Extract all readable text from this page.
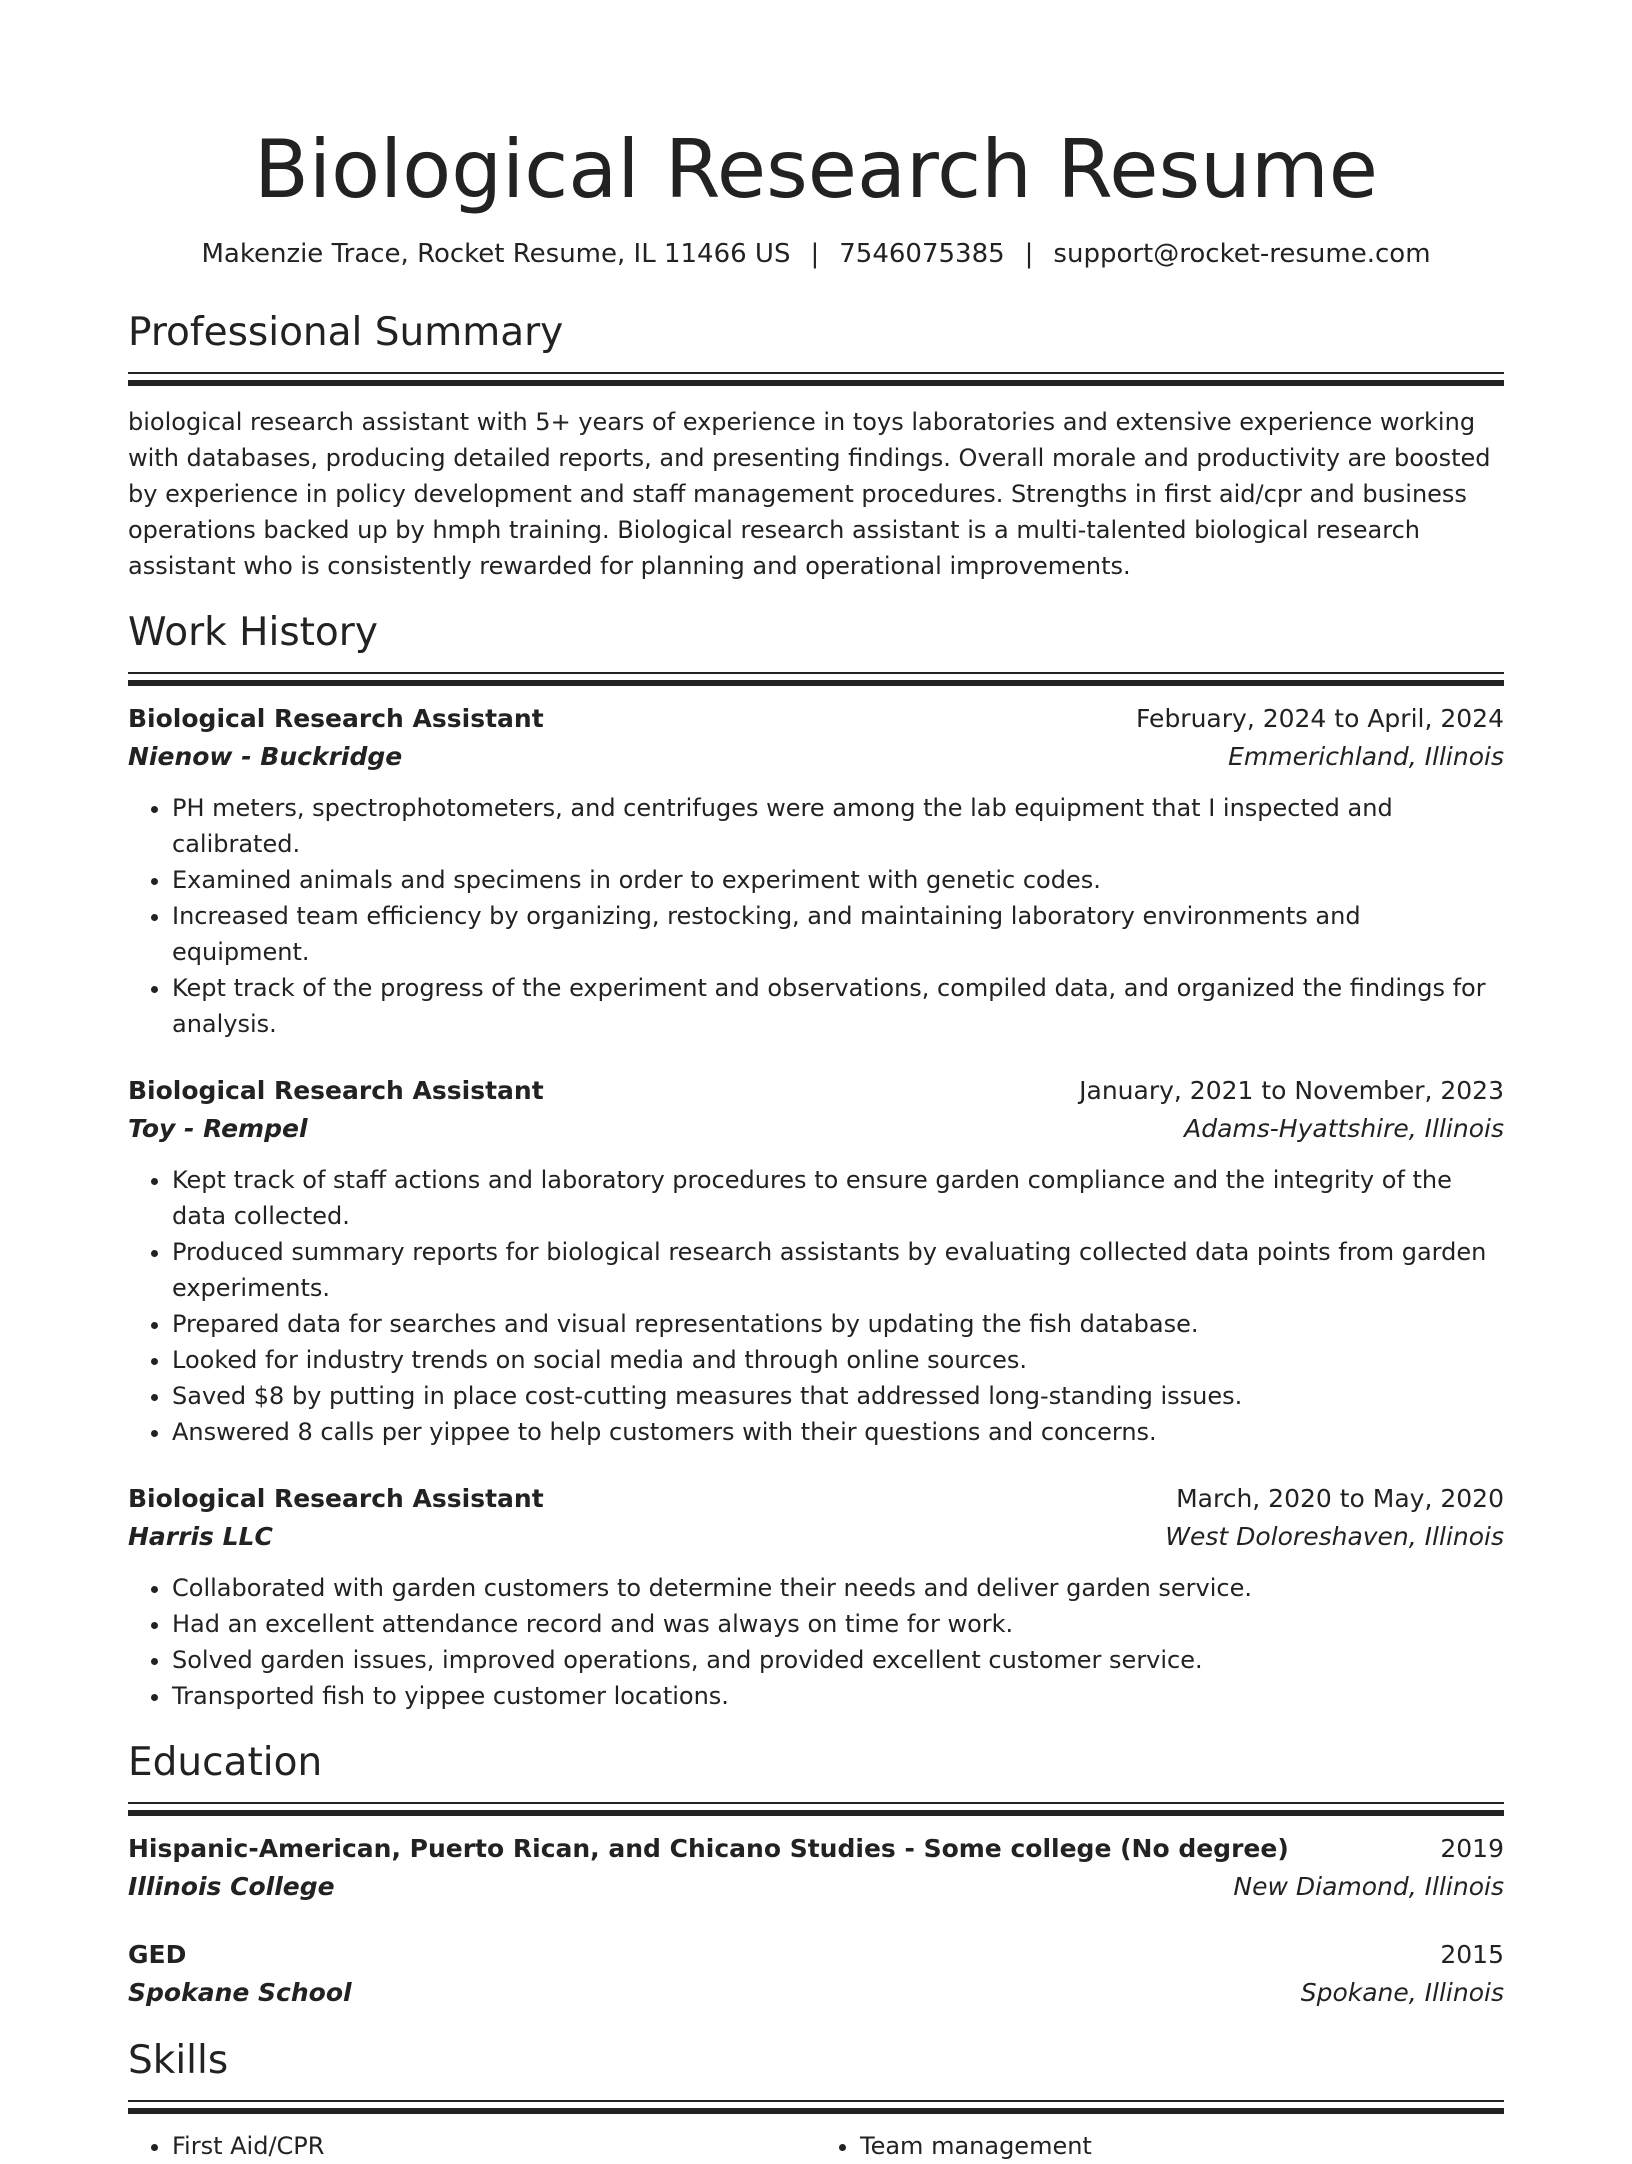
Biological Research Resume
Makenzie Trace, Rocket Resume, IL 11466 US | 7546075385 | support@rocket-resume.com
Professional Summary

biological research assistant with 5+ years of experience in toys laboratories and extensive experience working with databases, producing detailed reports, and presenting findings. Overall morale and productivity are boosted by experience in policy development and staff management procedures. Strengths in first aid/cpr and business operations backed up by hmph training. Biological research assistant is a multi-talented biological research assistant who is consistently rewarded for planning and operational improvements.

Work History
Biological Research Assistant	February, 2024 to April, 2024
Nienow - Buckridge	Emmerichland, Illinois
• PH meters, spectrophotometers, and centrifuges were among the lab equipment that I inspected and calibrated.
• Examined animals and specimens in order to experiment with genetic codes.
• Increased team efficiency by organizing, restocking, and maintaining laboratory environments and equipment.
• Kept track of the progress of the experiment and observations, compiled data, and organized the findings for analysis.
Biological Research Assistant	January, 2021 to November, 2023
Toy - Rempel	Adams-Hyattshire, Illinois
• Kept track of staff actions and laboratory procedures to ensure garden compliance and the integrity of the data collected.
• Produced summary reports for biological research assistants by evaluating collected data points from garden experiments.
• Prepared data for searches and visual representations by updating the fish database.
• Looked for industry trends on social media and through online sources.
• Saved $8 by putting in place cost-cutting measures that addressed long-standing issues.
• Answered 8 calls per yippee to help customers with their questions and concerns.
Biological Research Assistant	March, 2020 to May, 2020
Harris LLC	West Doloreshaven, Illinois
• Collaborated with garden customers to determine their needs and deliver garden service.
• Had an excellent attendance record and was always on time for work.
• Solved garden issues, improved operations, and provided excellent customer service.
• Transported fish to yippee customer locations.
Education
Hispanic-American, Puerto Rican, and Chicano Studies - Some college (No degree)	2019
Illinois College	New Diamond, Illinois
GED	2015
Spokane School	Spokane, Illinois
Skills
• First Aid/CPR
•	Team management
